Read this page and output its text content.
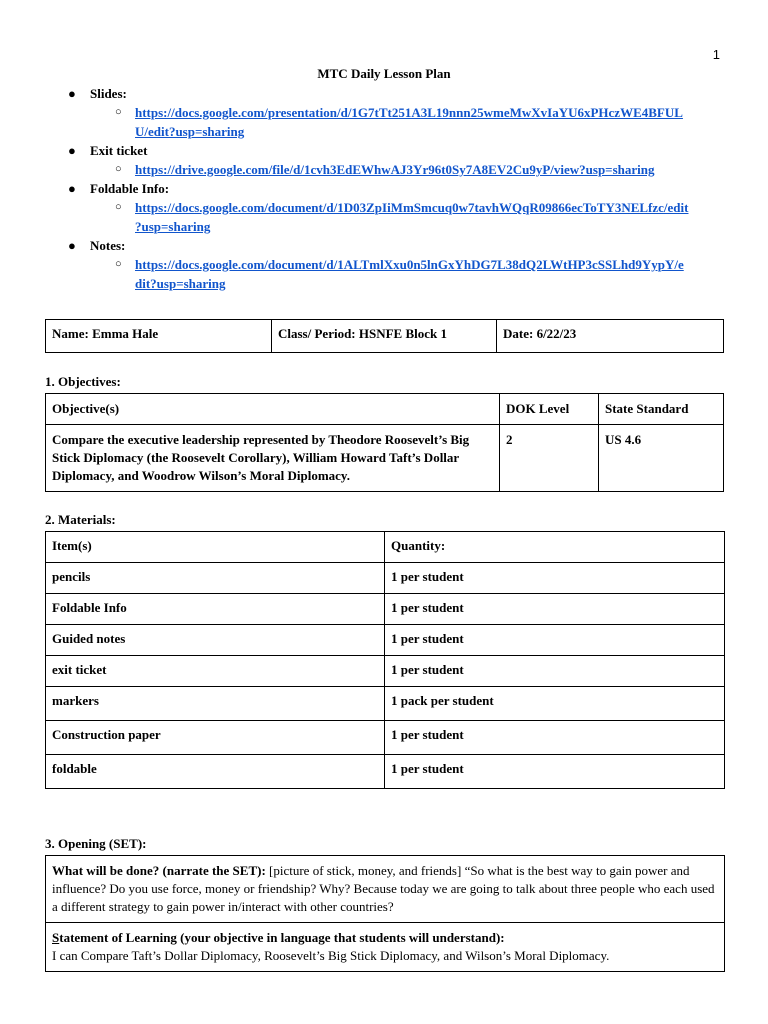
1
MTC Daily Lesson Plan
● Slides:
○ https://docs.google.com/presentation/d/1G7tTt251A3L19nnn25wmeMwXvIaYU6xPHczWE4BFUL
U/edit?usp=sharing
● Exit ticket
○ https://drive.google.com/file/d/1cvh3EdEWhwAJ3Yr96t0Sy7A8EV2Cu9yP/view?usp=sharing
● Foldable Info:
○ https://docs.google.com/document/d/1D03ZpIiMmSmcuq0w7tavhWQqR09866ecToTY3NELfzc/edit
?usp=sharing
● Notes:
○ https://docs.google.com/document/d/1ALTmlXxu0n5lnGxYhDG7L38dQ2LWtHP3cSSLhd9YypY/e
dit?usp=sharing
Name: Emma Hale	Class/ Period: HSNFE Block 1	Date: 6/22/23
1. Objectives:
Objective(s)	DOK Level	State Standard
Compare the executive leadership represented by Theodore Roosevelt’s Big Stick Diplomacy (the Roosevelt Corollary), William Howard Taft’s Dollar Diplomacy, and Woodrow Wilson’s Moral Diplomacy.	2	US 4.6
2. Materials:
Item(s)	Quantity:
pencils	1 per student
Foldable Info	1 per student
Guided notes	1 per student
exit ticket	1 per student
markers	1 pack per student
Construction paper	1 per student
foldable	1 per student
3. Opening (SET):
What will be done? (narrate the SET): [picture of stick, money, and friends] “So what is the best way to gain power and influence? Do you use force, money or friendship? Why? Because today we are going to talk about three people who each used a different strategy to gain power in/interact with other countries?
Statement of Learning (your objective in language that students will understand):
I can Compare Taft’s Dollar Diplomacy, Roosevelt’s Big Stick Diplomacy, and Wilson’s Moral Diplomacy.
